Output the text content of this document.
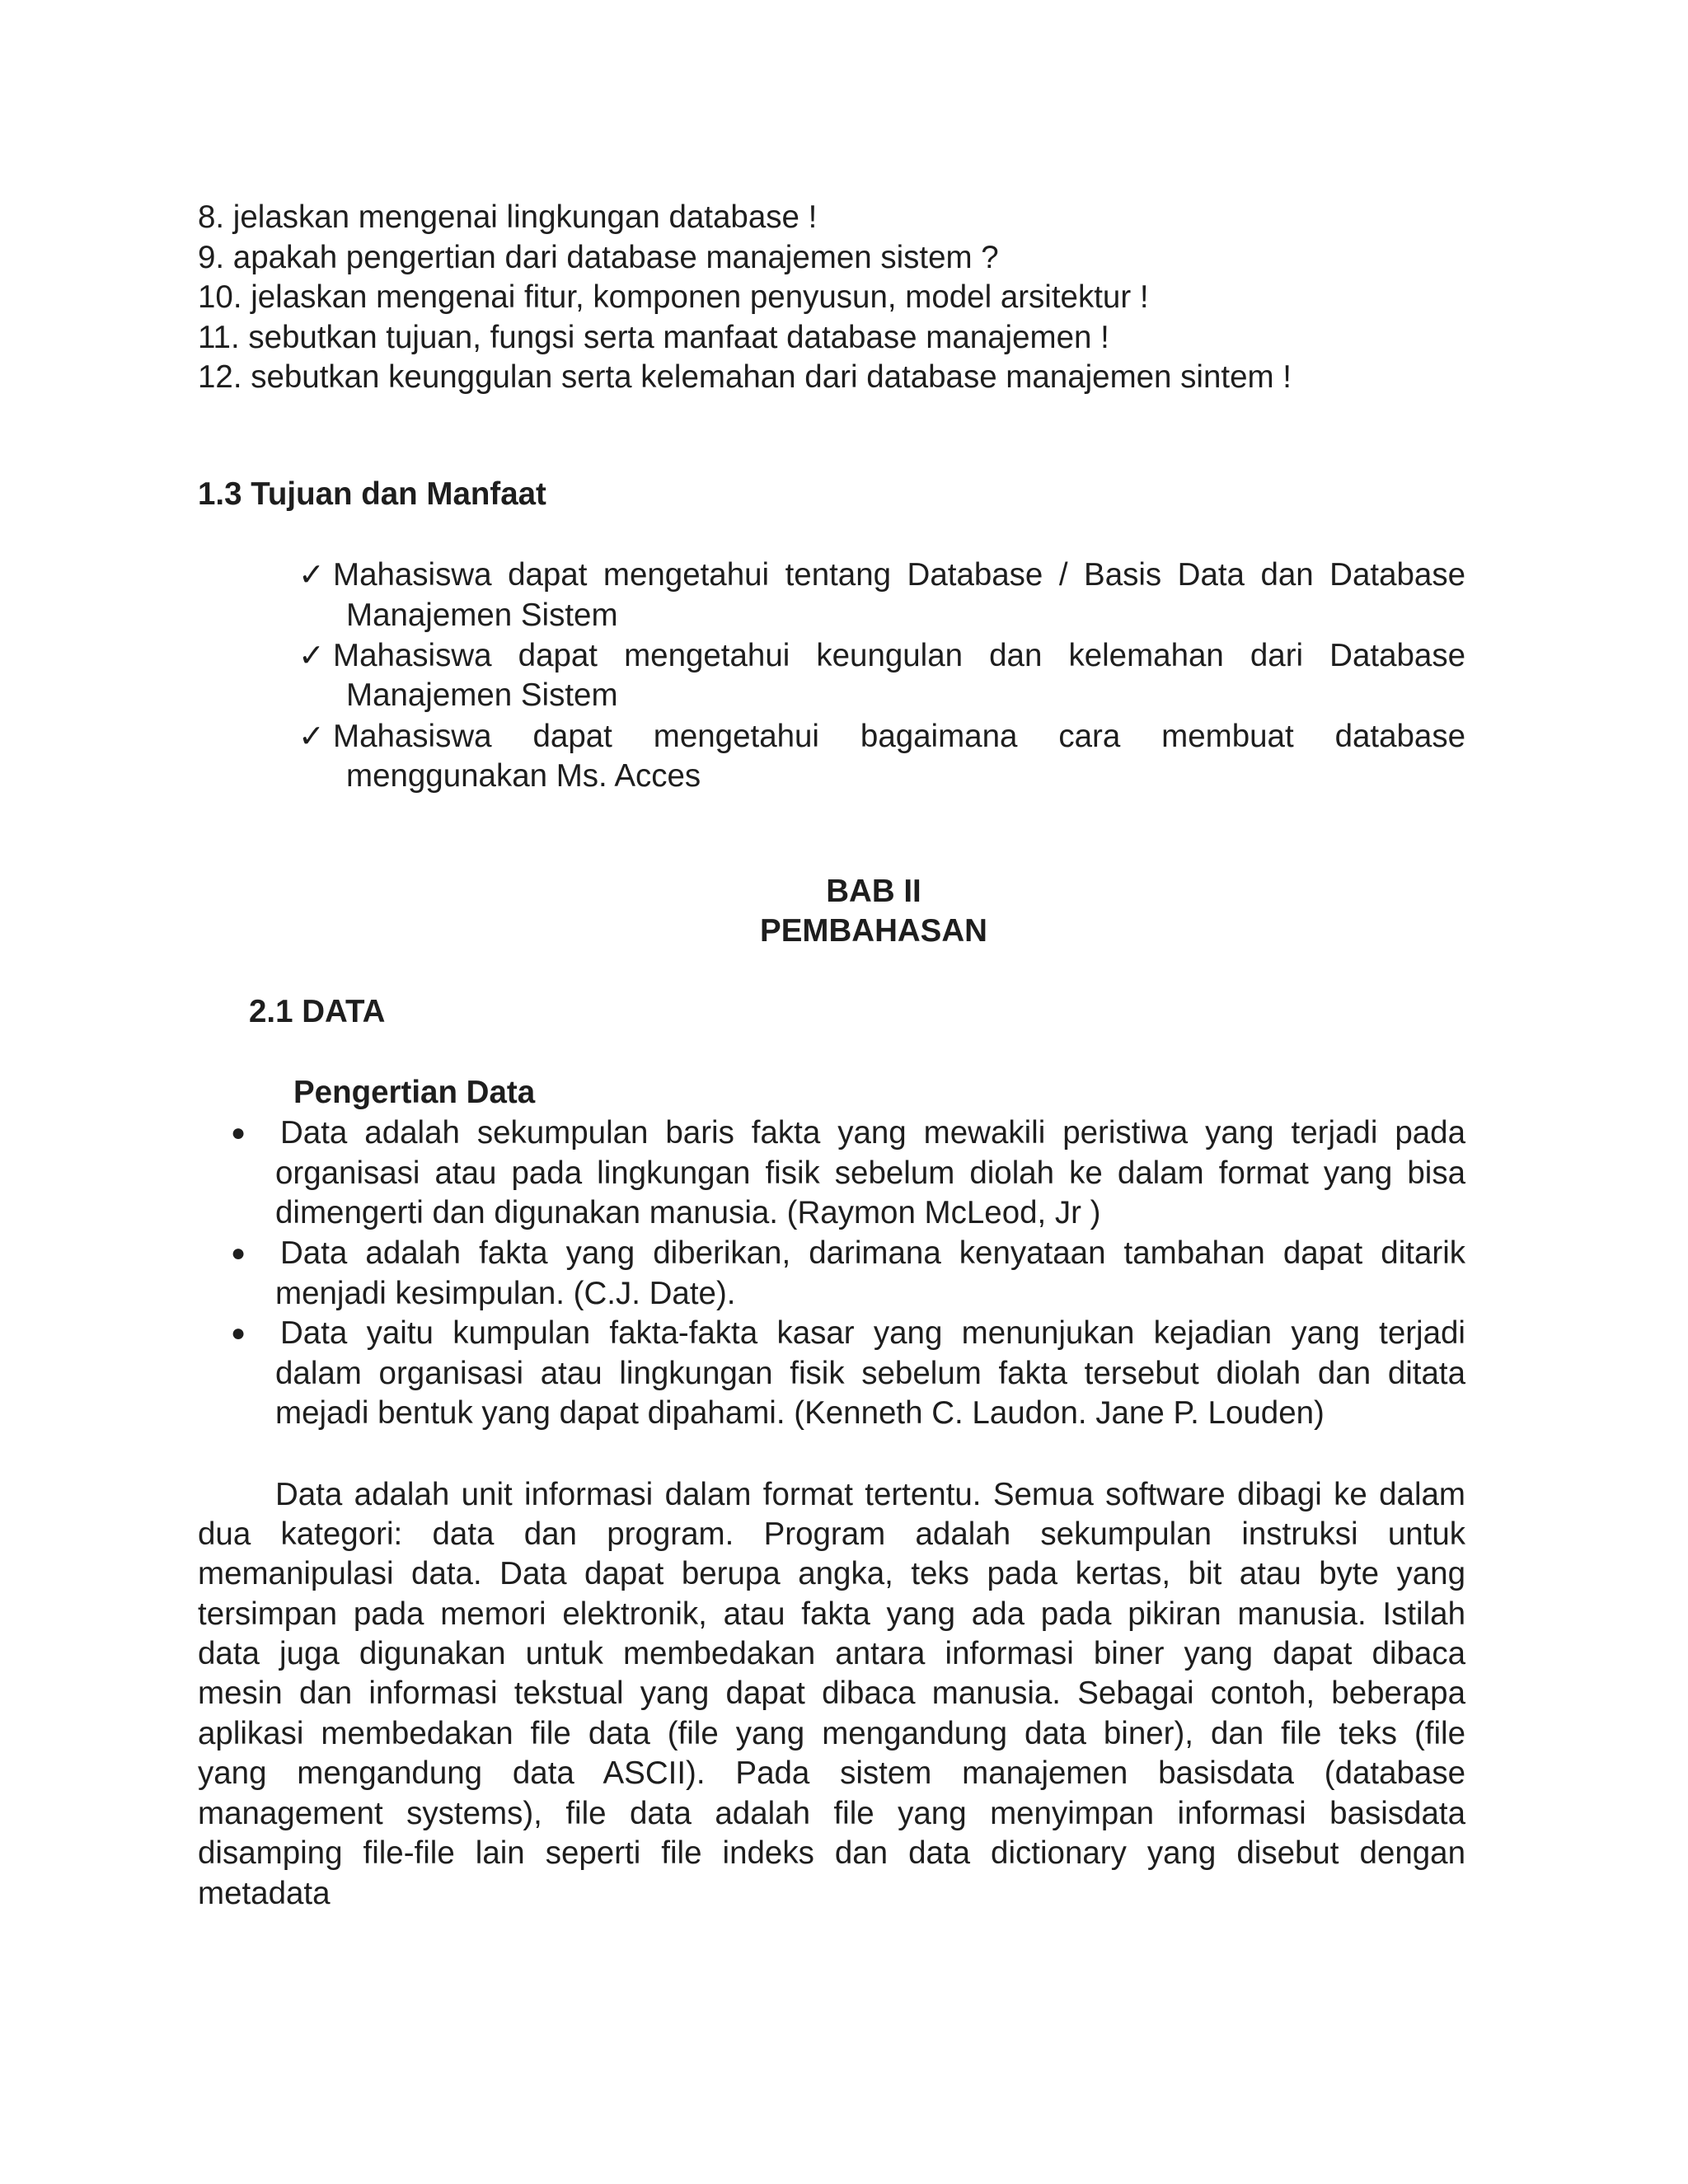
8. jelaskan mengenai lingkungan database !
9. apakah pengertian dari database manajemen sistem ?
10. jelaskan mengenai fitur, komponen penyusun, model arsitektur !
11. sebutkan tujuan, fungsi serta manfaat database manajemen !
12. sebutkan keunggulan serta kelemahan dari database manajemen sintem !
1.3 Tujuan dan Manfaat
✓ Mahasiswa dapat mengetahui tentang Database / Basis Data dan Database
Manajemen Sistem
✓ Mahasiswa dapat mengetahui keungulan dan kelemahan dari Database
Manajemen Sistem
✓ Mahasiswa dapat mengetahui bagaimana cara membuat database
menggunakan Ms. Acces
BAB II
PEMBAHASAN
2.1 DATA
Pengertian Data
● Data adalah sekumpulan baris fakta yang mewakili peristiwa yang terjadi pada
organisasi atau pada lingkungan fisik sebelum diolah ke dalam format yang bisa
dimengerti dan digunakan manusia. (Raymon McLeod, Jr )
● Data adalah fakta yang diberikan, darimana kenyataan tambahan dapat ditarik
menjadi kesimpulan. (C.J. Date).
● Data yaitu kumpulan fakta-fakta kasar yang menunjukan kejadian yang terjadi
dalam organisasi atau lingkungan fisik sebelum fakta tersebut diolah dan ditata
mejadi bentuk yang dapat dipahami. (Kenneth C. Laudon. Jane P. Louden)
Data adalah unit informasi dalam format tertentu. Semua software dibagi ke dalam
dua kategori: data dan program. Program adalah sekumpulan instruksi untuk
memanipulasi data. Data dapat berupa angka, teks pada kertas, bit atau byte yang
tersimpan pada memori elektronik, atau fakta yang ada pada pikiran manusia. Istilah
data juga digunakan untuk membedakan antara informasi biner yang dapat dibaca
mesin dan informasi tekstual yang dapat dibaca manusia. Sebagai contoh, beberapa
aplikasi membedakan file data (file yang mengandung data biner), dan file teks (file
yang mengandung data ASCII). Pada sistem manajemen basisdata (database
management systems), file data adalah file yang menyimpan informasi basisdata
disamping file-file lain seperti file indeks dan data dictionary yang disebut dengan
metadata
